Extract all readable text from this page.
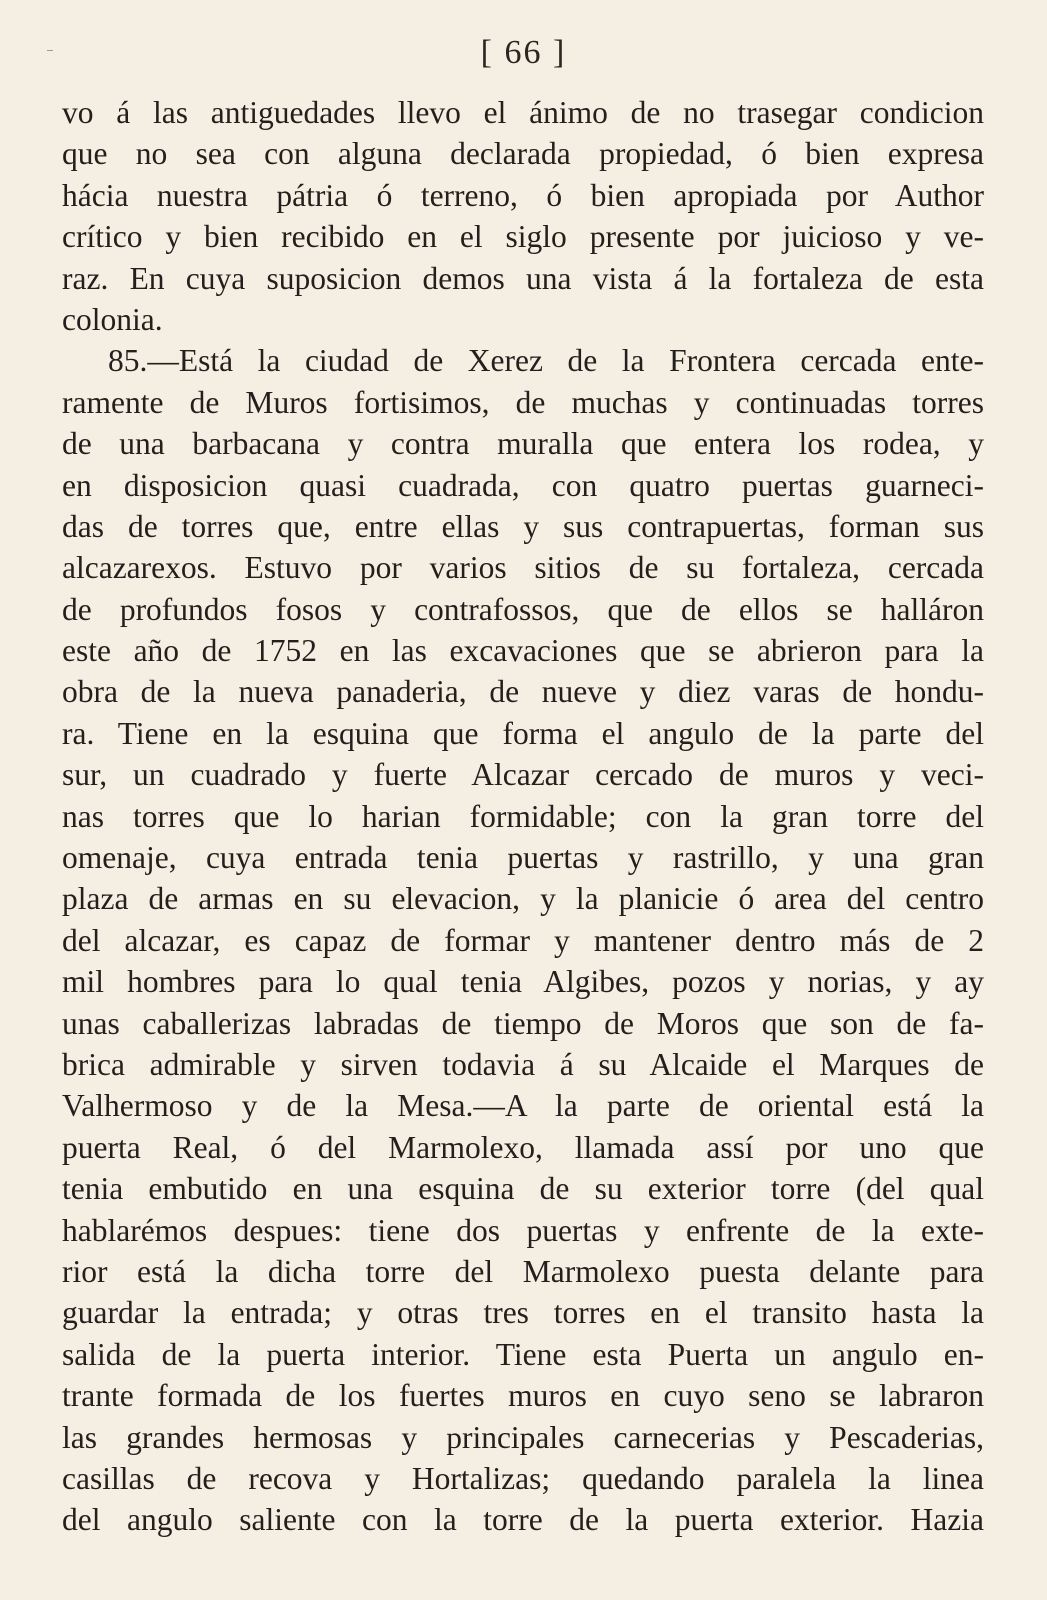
[ 66 ]
vo á las antiguedades llevo el ánimo de no trasegar condicion
que no sea con alguna declarada propiedad, ó bien expresa
hácia nuestra pátria ó terreno, ó bien apropiada por Author
crítico y bien recibido en el siglo presente por juicioso y ve-
raz. En cuya suposicion demos una vista á la fortaleza de esta
colonia.
85.—Está la ciudad de Xerez de la Frontera cercada ente-
ramente de Muros fortisimos, de muchas y continuadas torres
de una barbacana y contra muralla que entera los rodea, y
en disposicion quasi cuadrada, con quatro puertas guarneci-
das de torres que, entre ellas y sus contrapuertas, forman sus
alcazarexos. Estuvo por varios sitios de su fortaleza, cercada
de profundos fosos y contrafossos, que de ellos se halláron
este año de 1752 en las excavaciones que se abrieron para la
obra de la nueva panaderia, de nueve y diez varas de hondu-
ra. Tiene en la esquina que forma el angulo de la parte del
sur, un cuadrado y fuerte Alcazar cercado de muros y veci-
nas torres que lo harian formidable; con la gran torre del
omenaje, cuya entrada tenia puertas y rastrillo, y una gran
plaza de armas en su elevacion, y la planicie ó area del centro
del alcazar, es capaz de formar y mantener dentro más de 2
mil hombres para lo qual tenia Algibes, pozos y norias, y ay
unas caballerizas labradas de tiempo de Moros que son de fa-
brica admirable y sirven todavia á su Alcaide el Marques de
Valhermoso y de la Mesa.—A la parte de oriental está la
puerta Real, ó del Marmolexo, llamada assí por uno que
tenia embutido en una esquina de su exterior torre (del qual
hablarémos despues: tiene dos puertas y enfrente de la exte-
rior está la dicha torre del Marmolexo puesta delante para
guardar la entrada; y otras tres torres en el transito hasta la
salida de la puerta interior. Tiene esta Puerta un angulo en-
trante formada de los fuertes muros en cuyo seno se labraron
las grandes hermosas y principales carnecerias y Pescaderias,
casillas de recova y Hortalizas; quedando paralela la linea
del angulo saliente con la torre de la puerta exterior. Hazia
